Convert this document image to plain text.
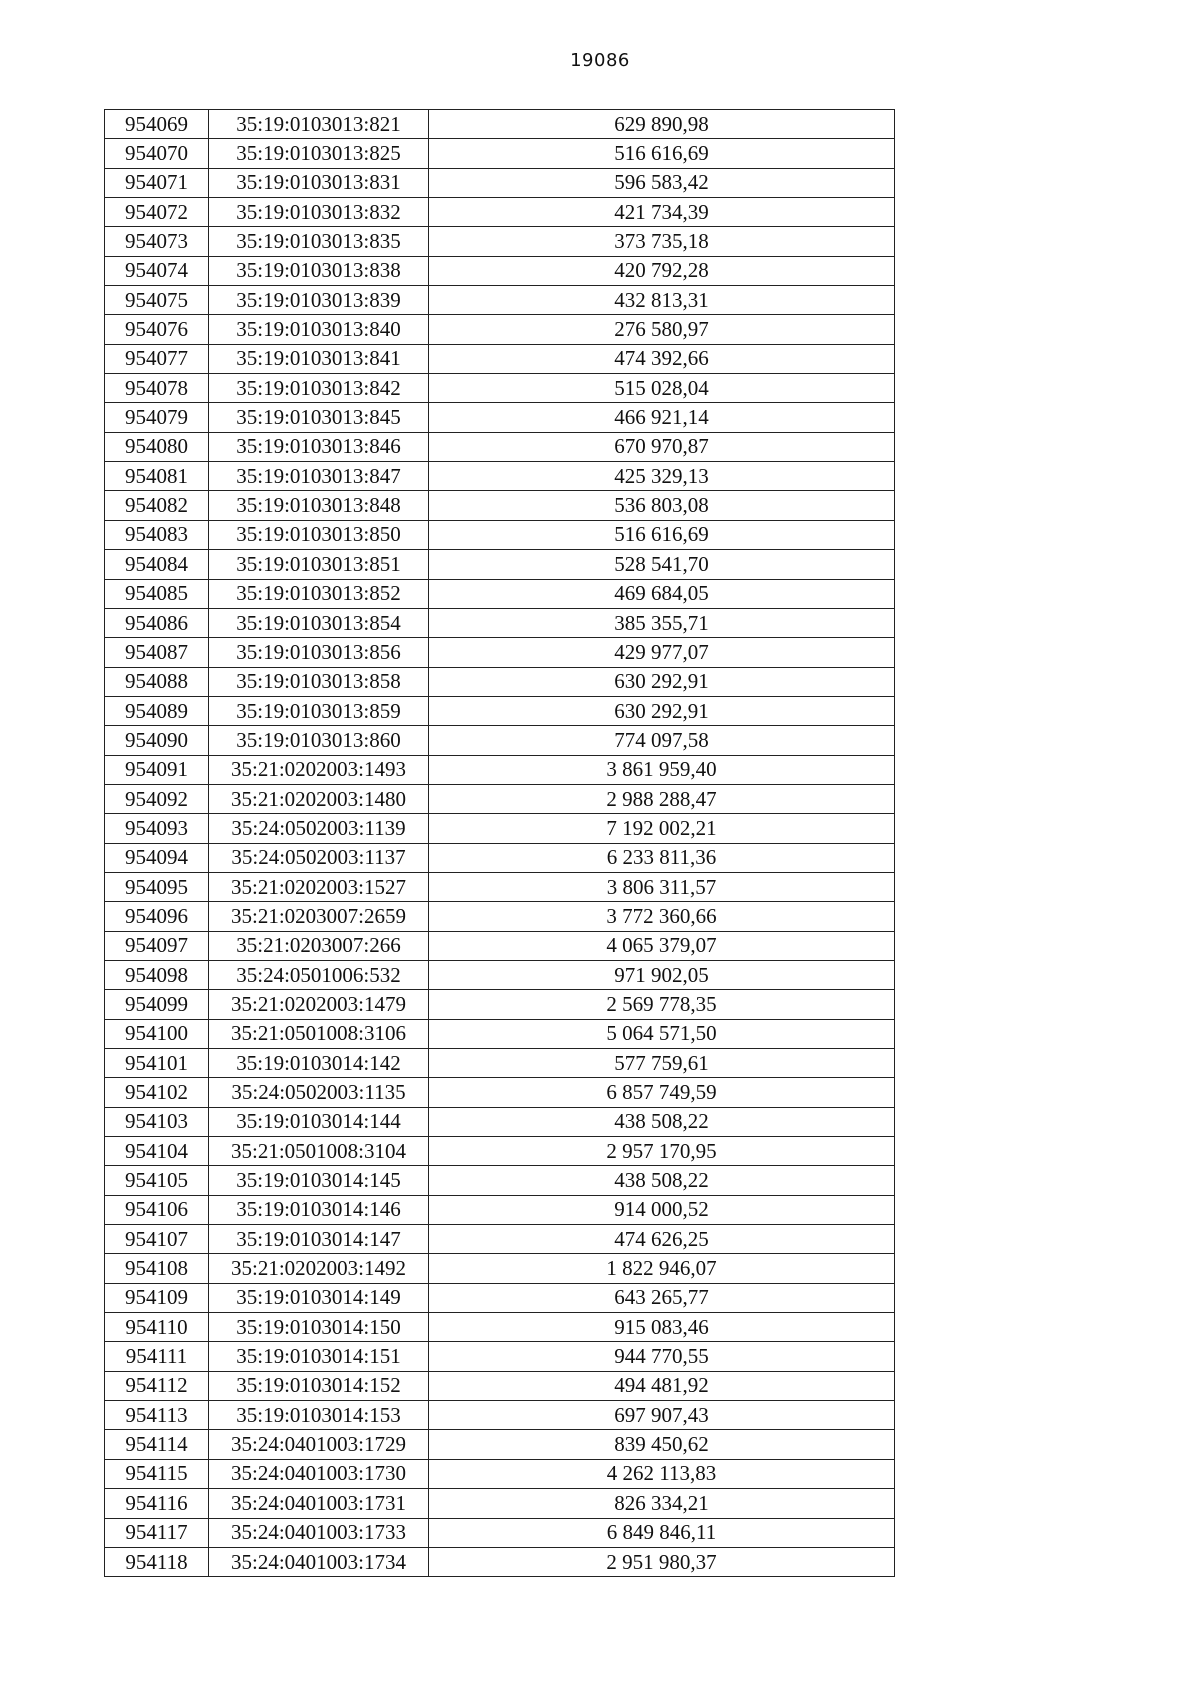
19086
954069	35:19:0103013:821	629 890,98
954070	35:19:0103013:825	516 616,69
954071	35:19:0103013:831	596 583,42
954072	35:19:0103013:832	421 734,39
954073	35:19:0103013:835	373 735,18
954074	35:19:0103013:838	420 792,28
954075	35:19:0103013:839	432 813,31
954076	35:19:0103013:840	276 580,97
954077	35:19:0103013:841	474 392,66
954078	35:19:0103013:842	515 028,04
954079	35:19:0103013:845	466 921,14
954080	35:19:0103013:846	670 970,87
954081	35:19:0103013:847	425 329,13
954082	35:19:0103013:848	536 803,08
954083	35:19:0103013:850	516 616,69
954084	35:19:0103013:851	528 541,70
954085	35:19:0103013:852	469 684,05
954086	35:19:0103013:854	385 355,71
954087	35:19:0103013:856	429 977,07
954088	35:19:0103013:858	630 292,91
954089	35:19:0103013:859	630 292,91
954090	35:19:0103013:860	774 097,58
954091	35:21:0202003:1493	3 861 959,40
954092	35:21:0202003:1480	2 988 288,47
954093	35:24:0502003:1139	7 192 002,21
954094	35:24:0502003:1137	6 233 811,36
954095	35:21:0202003:1527	3 806 311,57
954096	35:21:0203007:2659	3 772 360,66
954097	35:21:0203007:266	4 065 379,07
954098	35:24:0501006:532	971 902,05
954099	35:21:0202003:1479	2 569 778,35
954100	35:21:0501008:3106	5 064 571,50
954101	35:19:0103014:142	577 759,61
954102	35:24:0502003:1135	6 857 749,59
954103	35:19:0103014:144	438 508,22
954104	35:21:0501008:3104	2 957 170,95
954105	35:19:0103014:145	438 508,22
954106	35:19:0103014:146	914 000,52
954107	35:19:0103014:147	474 626,25
954108	35:21:0202003:1492	1 822 946,07
954109	35:19:0103014:149	643 265,77
954110	35:19:0103014:150	915 083,46
954111	35:19:0103014:151	944 770,55
954112	35:19:0103014:152	494 481,92
954113	35:19:0103014:153	697 907,43
954114	35:24:0401003:1729	839 450,62
954115	35:24:0401003:1730	4 262 113,83
954116	35:24:0401003:1731	826 334,21
954117	35:24:0401003:1733	6 849 846,11
954118	35:24:0401003:1734	2 951 980,37
